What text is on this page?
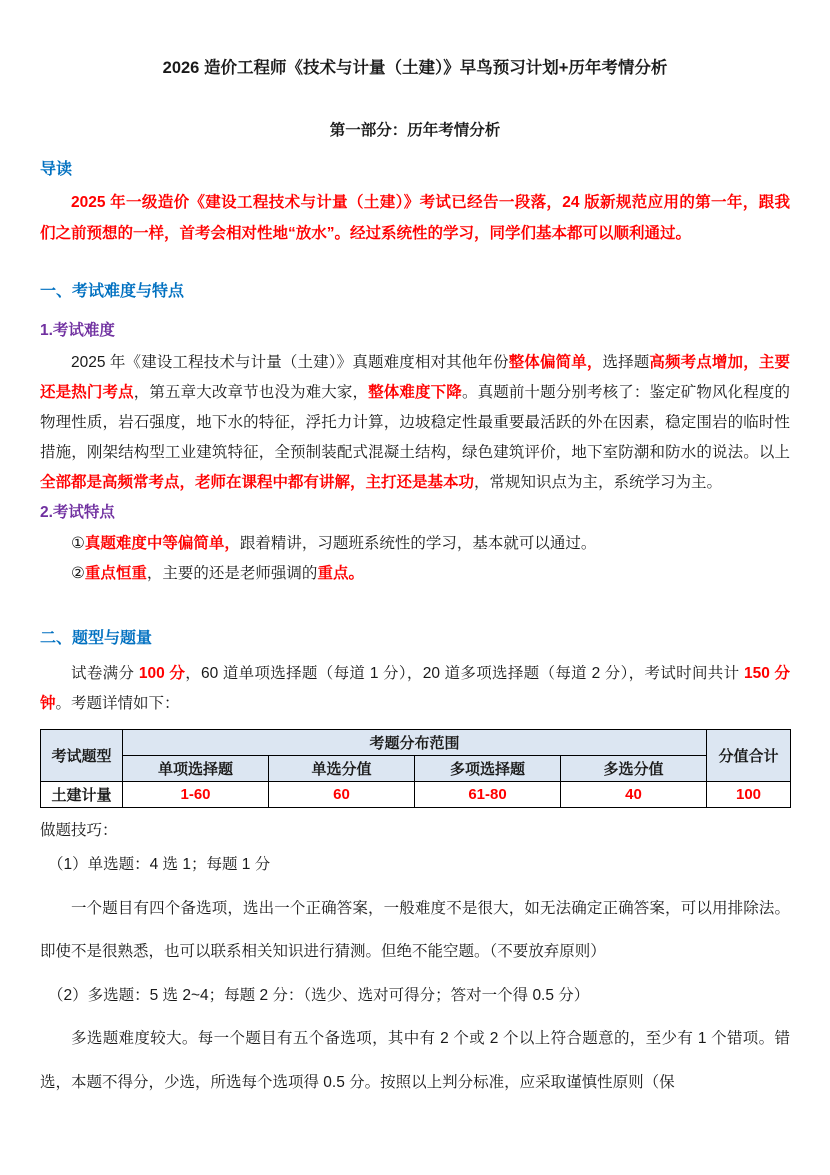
2026 造价工程师《技术与计量（土建）》早鸟预习计划+历年考情分析
第一部分：历年考情分析
导读
2025 年一级造价《建设工程技术与计量（土建）》考试已经告一段落，24 版新规范应用的第一年，跟我们之前预想的一样，首考会相对性地“放水”。经过系统性的学习，同学们基本都可以顺利通过。
一、考试难度与特点
1.考试难度
2025 年《建设工程技术与计量（土建）》真题难度相对其他年份整体偏简单，选择题高频考点增加，主要还是热门考点，第五章大改章节也没为难大家，整体难度下降。真题前十题分别考核了：鉴定矿物风化程度的物理性质，岩石强度，地下水的特征，浮托力计算，边坡稳定性最重要最活跃的外在因素，稳定围岩的临时性措施，刚架结构型工业建筑特征，全预制装配式混凝土结构，绿色建筑评价，地下室防潮和防水的说法。以上全部都是高频常考点，老师在课程中都有讲解，主打还是基本功，常规知识点为主，系统学习为主。
2.考试特点
①真题难度中等偏简单，跟着精讲，习题班系统性的学习，基本就可以通过。
②重点恒重，主要的还是老师强调的重点。
二、题型与题量
试卷满分 100 分，60 道单项选择题（每道 1 分），20 道多项选择题（每道 2 分），考试时间共计 150 分钟。考题详情如下：
考试题型	考题分布范围				分值合计
	单项选择题	单选分值	多项选择题	多选分值	
土建计量	1-60	60	61-80	40	100
做题技巧：
（1）单选题：4 选 1；每题 1 分
一个题目有四个备选项，选出一个正确答案，一般难度不是很大，如无法确定正确答案，可以用排除法。即使不是很熟悉，也可以联系相关知识进行猜测。但绝不能空题。（不要放弃原则）
（2）多选题：5 选 2~4；每题 2 分：（选少、选对可得分；答对一个得 0.5 分）
多选题难度较大。每一个题目有五个备选项，其中有 2 个或 2 个以上符合题意的，至少有 1 个错项。错选，本题不得分，少选，所选每个选项得 0.5 分。按照以上判分标准，应采取谨慎性原则（保
